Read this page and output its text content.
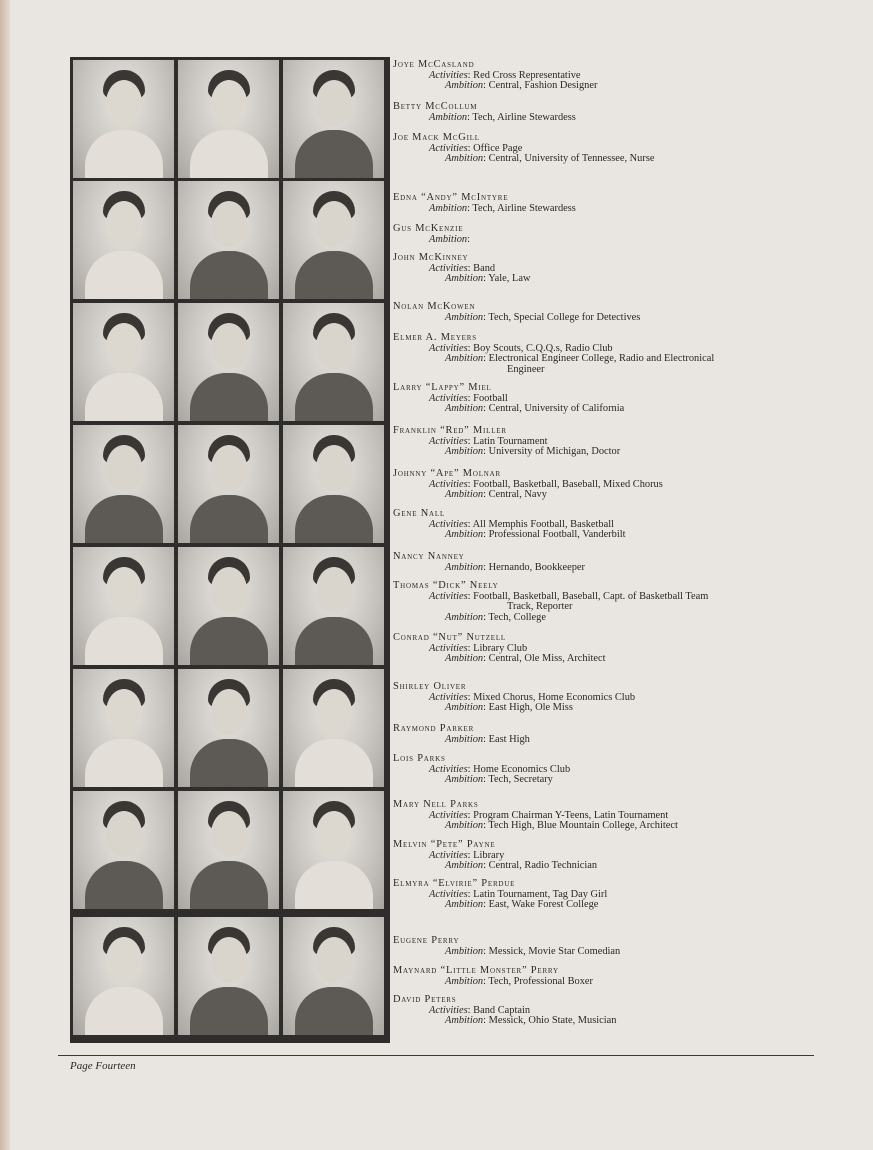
Joye McCasland
Activities: Red Cross Representative
Ambition: Central, Fashion Designer
Betty McCollum
Ambition: Tech, Airline Stewardess
Joe Mack McGill
Activities: Office Page
Ambition: Central, University of Tennessee, Nurse
Edna “Andy” McIntyre
Ambition: Tech, Airline Stewardess
Gus McKenzie
Ambition:
John McKinney
Activities: Band
Ambition: Yale, Law
Nolan McKowen
Ambition: Tech, Special College for Detectives
Elmer A. Meyers
Activities: Boy Scouts, C.Q.Q.s, Radio Club
Ambition: Electronical Engineer College, Radio and Electronical
Engineer
Larry “Lappy” Miel
Activities: Football
Ambition: Central, University of California
Franklin “Red” Miller
Activities: Latin Tournament
Ambition: University of Michigan, Doctor
Johnny “Ape” Molnar
Activities: Football, Basketball, Baseball, Mixed Chorus
Ambition: Central, Navy
Gene Nall
Activities: All Memphis Football, Basketball
Ambition: Professional Football, Vanderbilt
Nancy Nanney
Ambition: Hernando, Bookkeeper
Thomas “Dick” Neely
Activities: Football, Basketball, Baseball, Capt. of Basketball Team
Track, Reporter
Ambition: Tech, College
Conrad “Nut” Nutzell
Activities: Library Club
Ambition: Central, Ole Miss, Architect
Shirley Oliver
Activities: Mixed Chorus, Home Economics Club
Ambition: East High, Ole Miss
Raymond Parker
Ambition: East High
Lois Parks
Activities: Home Economics Club
Ambition: Tech, Secretary
Mary Nell Parks
Activities: Program Chairman Y-Teens, Latin Tournament
Ambition: Tech High, Blue Mountain College, Architect
Melvin “Pete” Payne
Activities: Library
Ambition: Central, Radio Technician
Elmyra “Elvirie” Perdue
Activities: Latin Tournament, Tag Day Girl
Ambition: East, Wake Forest College
Eugene Perry
Ambition: Messick, Movie Star Comedian
Maynard “Little Monster” Perry
Ambition: Tech, Professional Boxer
David Peters
Activities: Band Captain
Ambition: Messick, Ohio State, Musician
Page Fourteen
